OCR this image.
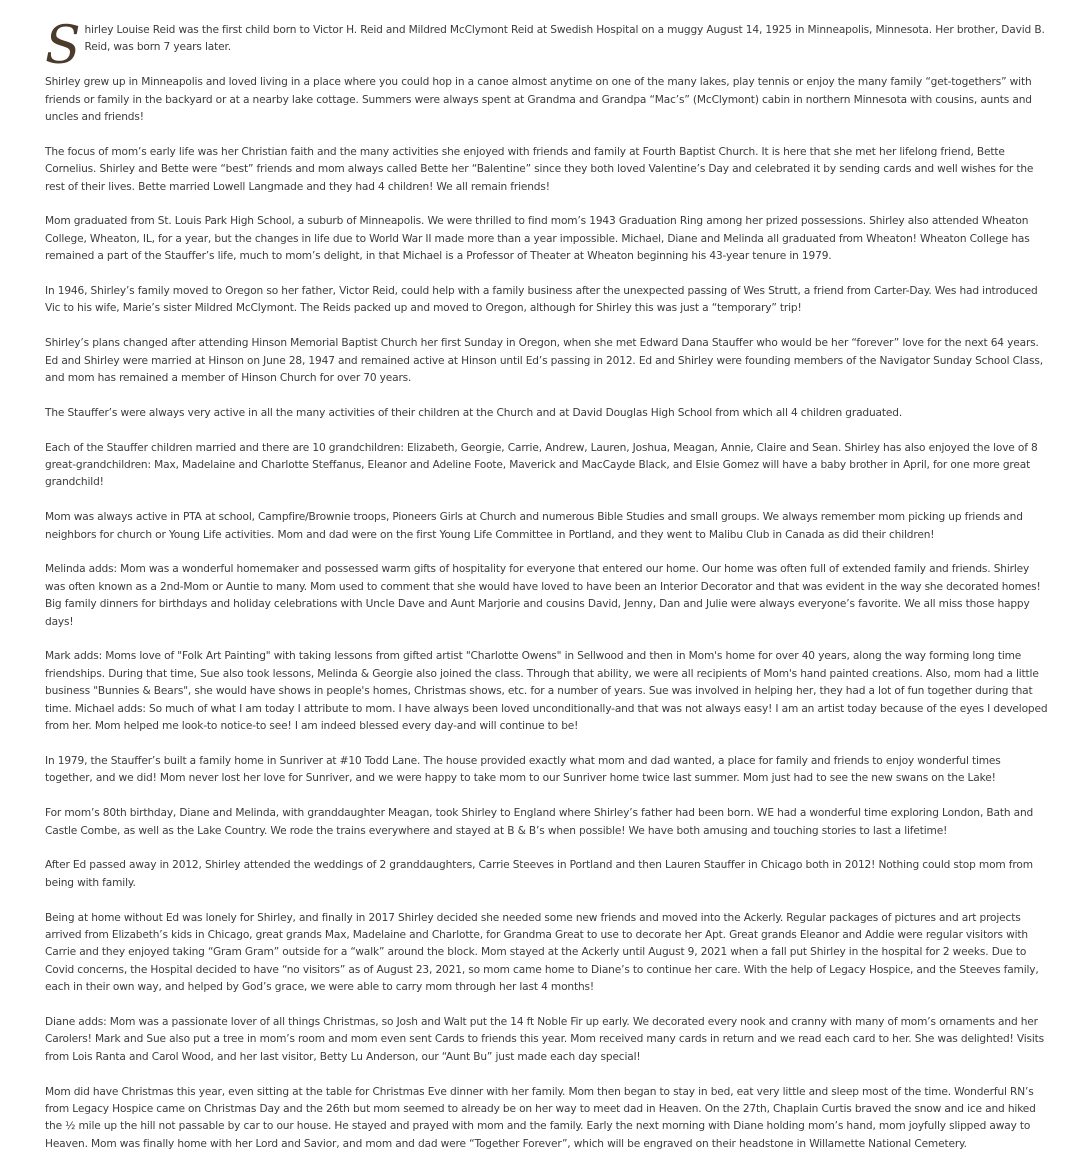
Shirley Louise Reid was the first child born to Victor H. Reid and Mildred McClymont Reid at Swedish Hospital on a muggy August 14, 1925 in Minneapolis, Minnesota. Her brother, David B. Reid, was born 7 years later.

Shirley grew up in Minneapolis and loved living in a place where you could hop in a canoe almost anytime on one of the many lakes, play tennis or enjoy the many family “get-togethers” with friends or family in the backyard or at a nearby lake cottage. Summers were always spent at Grandma and Grandpa “Mac’s” (McClymont) cabin in northern Minnesota with cousins, aunts and uncles and friends!

The focus of mom’s early life was her Christian faith and the many activities she enjoyed with friends and family at Fourth Baptist Church. It is here that she met her lifelong friend, Bette Cornelius. Shirley and Bette were “best” friends and mom always called Bette her “Balentine” since they both loved Valentine’s Day and celebrated it by sending cards and well wishes for the rest of their lives. Bette married Lowell Langmade and they had 4 children! We all remain friends!

Mom graduated from St. Louis Park High School, a suburb of Minneapolis. We were thrilled to find mom’s 1943 Graduation Ring among her prized possessions. Shirley also attended Wheaton College, Wheaton, IL, for a year, but the changes in life due to World War II made more than a year impossible. Michael, Diane and Melinda all graduated from Wheaton! Wheaton College has remained a part of the Stauffer’s life, much to mom’s delight, in that Michael is a Professor of Theater at Wheaton beginning his 43-year tenure in 1979.

In 1946, Shirley’s family moved to Oregon so her father, Victor Reid, could help with a family business after the unexpected passing of Wes Strutt, a friend from Carter-Day. Wes had introduced Vic to his wife, Marie’s sister Mildred McClymont. The Reids packed up and moved to Oregon, although for Shirley this was just a “temporary” trip!

Shirley’s plans changed after attending Hinson Memorial Baptist Church her first Sunday in Oregon, when she met Edward Dana Stauffer who would be her “forever” love for the next 64 years. Ed and Shirley were married at Hinson on June 28, 1947 and remained active at Hinson until Ed’s passing in 2012. Ed and Shirley were founding members of the Navigator Sunday School Class, and mom has remained a member of Hinson Church for over 70 years.

The Stauffer’s were always very active in all the many activities of their children at the Church and at David Douglas High School from which all 4 children graduated.

Each of the Stauffer children married and there are 10 grandchildren: Elizabeth, Georgie, Carrie, Andrew, Lauren, Joshua, Meagan, Annie, Claire and Sean. Shirley has also enjoyed the love of 8 great-grandchildren: Max, Madelaine and Charlotte Steffanus, Eleanor and Adeline Foote, Maverick and MacCayde Black, and Elsie Gomez will have a baby brother in April, for one more great grandchild!

Mom was always active in PTA at school, Campfire/Brownie troops, Pioneers Girls at Church and numerous Bible Studies and small groups. We always remember mom picking up friends and neighbors for church or Young Life activities. Mom and dad were on the first Young Life Committee in Portland, and they went to Malibu Club in Canada as did their children!

Melinda adds: Mom was a wonderful homemaker and possessed warm gifts of hospitality for everyone that entered our home. Our home was often full of extended family and friends. Shirley was often known as a 2nd-Mom or Auntie to many. Mom used to comment that she would have loved to have been an Interior Decorator and that was evident in the way she decorated homes! Big family dinners for birthdays and holiday celebrations with Uncle Dave and Aunt Marjorie and cousins David, Jenny, Dan and Julie were always everyone’s favorite. We all miss those happy days!

Mark adds: Moms love of "Folk Art Painting" with taking lessons from gifted artist "Charlotte Owens" in Sellwood and then in Mom's home for over 40 years, along the way forming long time friendships. During that time, Sue also took lessons, Melinda & Georgie also joined the class. Through that ability, we were all recipients of Mom's hand painted creations. Also, mom had a little business "Bunnies & Bears", she would have shows in people's homes, Christmas shows, etc. for a number of years. Sue was involved in helping her, they had a lot of fun together during that time. Michael adds: So much of what I am today I attribute to mom. I have always been loved unconditionally-and that was not always easy! I am an artist today because of the eyes I developed from her. Mom helped me look-to notice-to see! I am indeed blessed every day-and will continue to be!

In 1979, the Stauffer’s built a family home in Sunriver at #10 Todd Lane. The house provided exactly what mom and dad wanted, a place for family and friends to enjoy wonderful times together, and we did! Mom never lost her love for Sunriver, and we were happy to take mom to our Sunriver home twice last summer. Mom just had to see the new swans on the Lake!

For mom’s 80th birthday, Diane and Melinda, with granddaughter Meagan, took Shirley to England where Shirley’s father had been born. WE had a wonderful time exploring London, Bath and Castle Combe, as well as the Lake Country. We rode the trains everywhere and stayed at B & B’s when possible! We have both amusing and touching stories to last a lifetime!

After Ed passed away in 2012, Shirley attended the weddings of 2 granddaughters, Carrie Steeves in Portland and then Lauren Stauffer in Chicago both in 2012! Nothing could stop mom from being with family.

Being at home without Ed was lonely for Shirley, and finally in 2017 Shirley decided she needed some new friends and moved into the Ackerly. Regular packages of pictures and art projects arrived from Elizabeth’s kids in Chicago, great grands Max, Madelaine and Charlotte, for Grandma Great to use to decorate her Apt. Great grands Eleanor and Addie were regular visitors with Carrie and they enjoyed taking “Gram Gram” outside for a “walk” around the block. Mom stayed at the Ackerly until August 9, 2021 when a fall put Shirley in the hospital for 2 weeks. Due to Covid concerns, the Hospital decided to have “no visitors” as of August 23, 2021, so mom came home to Diane’s to continue her care. With the help of Legacy Hospice, and the Steeves family, each in their own way, and helped by God’s grace, we were able to carry mom through her last 4 months!

Diane adds: Mom was a passionate lover of all things Christmas, so Josh and Walt put the 14 ft Noble Fir up early. We decorated every nook and cranny with many of mom’s ornaments and her Carolers! Mark and Sue also put a tree in mom’s room and mom even sent Cards to friends this year. Mom received many cards in return and we read each card to her. She was delighted! Visits from Lois Ranta and Carol Wood, and her last visitor, Betty Lu Anderson, our “Aunt Bu” just made each day special!

Mom did have Christmas this year, even sitting at the table for Christmas Eve dinner with her family. Mom then began to stay in bed, eat very little and sleep most of the time. Wonderful RN’s from Legacy Hospice came on Christmas Day and the 26th but mom seemed to already be on her way to meet dad in Heaven. On the 27th, Chaplain Curtis braved the snow and ice and hiked the ½ mile up the hill not passable by car to our house. He stayed and prayed with mom and the family. Early the next morning with Diane holding mom’s hand, mom joyfully slipped away to Heaven. Mom was finally home with her Lord and Savior, and mom and dad were “Together Forever”, which will be engraved on their headstone in Willamette National Cemetery.
